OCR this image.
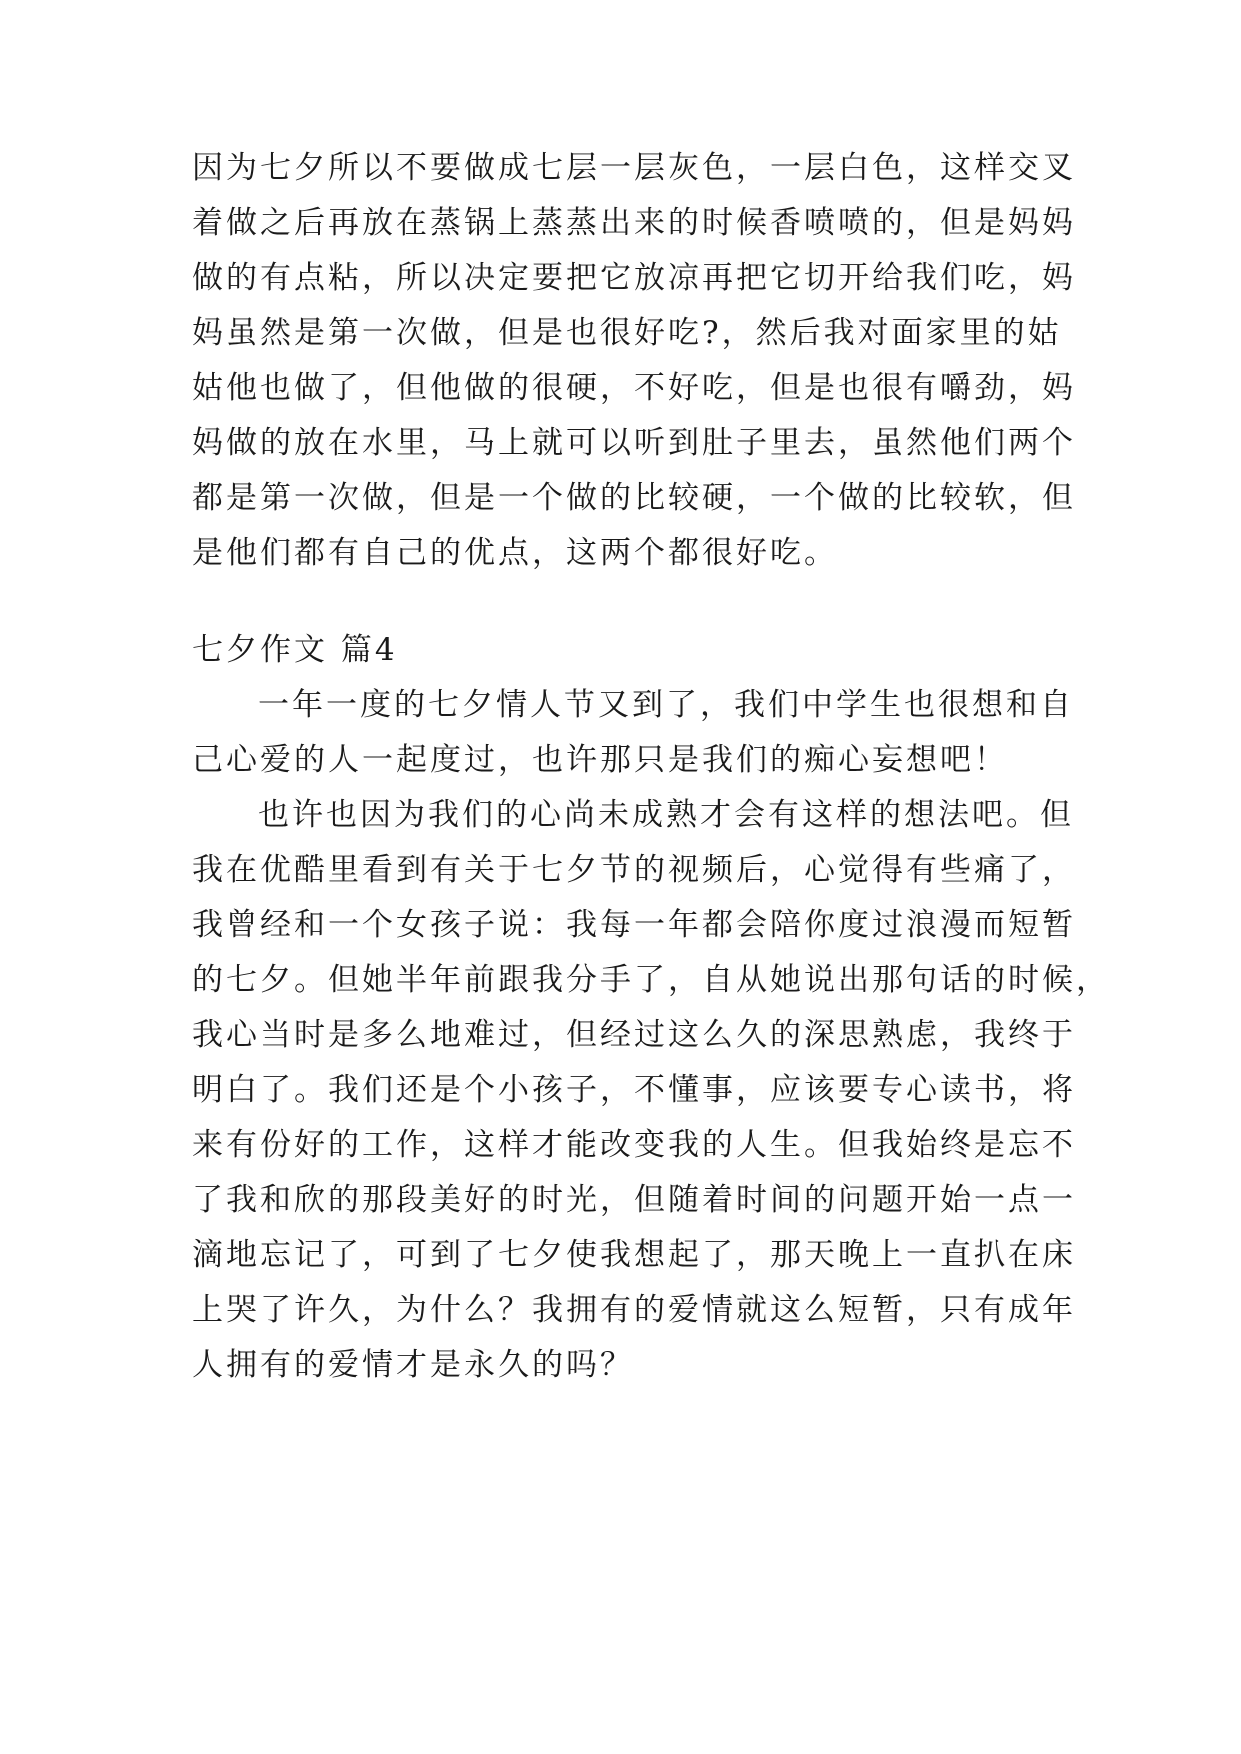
因为七夕所以不要做成七层一层灰色，一层白色，这样交叉
着做之后再放在蒸锅上蒸蒸出来的时候香喷喷的，但是妈妈
做的有点粘，所以决定要把它放凉再把它切开给我们吃，妈
妈虽然是第一次做，但是也很好吃?，然后我对面家里的姑
姑他也做了，但他做的很硬，不好吃，但是也很有嚼劲，妈
妈做的放在水里，马上就可以听到肚子里去，虽然他们两个
都是第一次做，但是一个做的比较硬，一个做的比较软，但
是他们都有自己的优点，这两个都很好吃。
七夕作文 篇4
一年一度的七夕情人节又到了，我们中学生也很想和自
己心爱的人一起度过，也许那只是我们的痴心妄想吧！
也许也因为我们的心尚未成熟才会有这样的想法吧。但
我在优酷里看到有关于七夕节的视频后，心觉得有些痛了，
我曾经和一个女孩子说：我每一年都会陪你度过浪漫而短暂
的七夕。但她半年前跟我分手了，自从她说出那句话的时候，
我心当时是多么地难过，但经过这么久的深思熟虑，我终于
明白了。我们还是个小孩子，不懂事，应该要专心读书，将
来有份好的工作，这样才能改变我的人生。但我始终是忘不
了我和欣的那段美好的时光，但随着时间的问题开始一点一
滴地忘记了，可到了七夕使我想起了，那天晚上一直扒在床
上哭了许久，为什么？我拥有的爱情就这么短暂，只有成年
人拥有的爱情才是永久的吗？
